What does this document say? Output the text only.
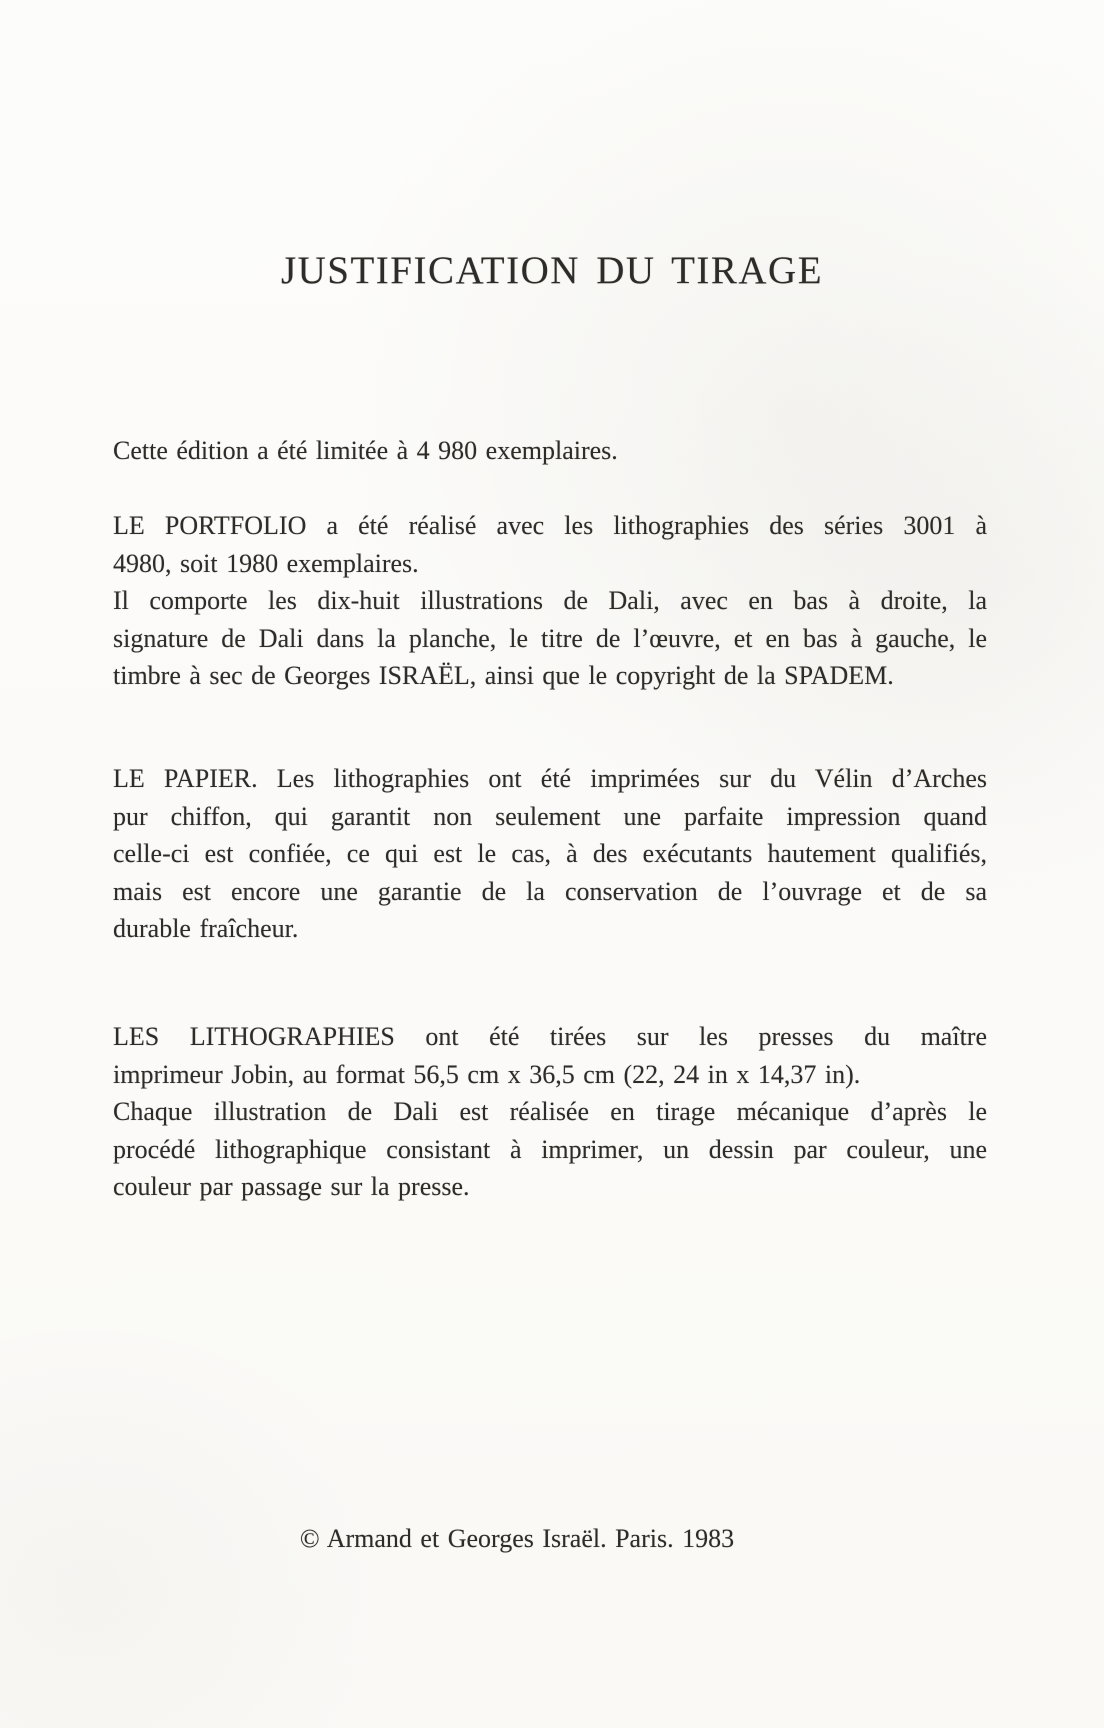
JUSTIFICATION DU TIRAGE
Cette édition a été limitée à 4 980 exemplaires.
LE PORTFOLIO a été réalisé avec les lithographies des séries 3001 à
4980, soit 1980 exemplaires.
Il comporte les dix-huit illustrations de Dali, avec en bas à droite, la
signature de Dali dans la planche, le titre de l’œuvre, et en bas à gauche, le
timbre à sec de Georges ISRAËL, ainsi que le copyright de la SPADEM.
LE PAPIER. Les lithographies ont été imprimées sur du Vélin d’Arches
pur chiffon, qui garantit non seulement une parfaite impression quand
celle-ci est confiée, ce qui est le cas, à des exécutants hautement qualifiés,
mais est encore une garantie de la conservation de l’ouvrage et de sa
durable fraîcheur.
LES LITHOGRAPHIES ont été tirées sur les presses du maître
imprimeur Jobin, au format 56,5 cm x 36,5 cm (22, 24 in x 14,37 in).
Chaque illustration de Dali est réalisée en tirage mécanique d’après le
procédé lithographique consistant à imprimer, un dessin par couleur, une
couleur par passage sur la presse.
© Armand et Georges Israël. Paris. 1983
